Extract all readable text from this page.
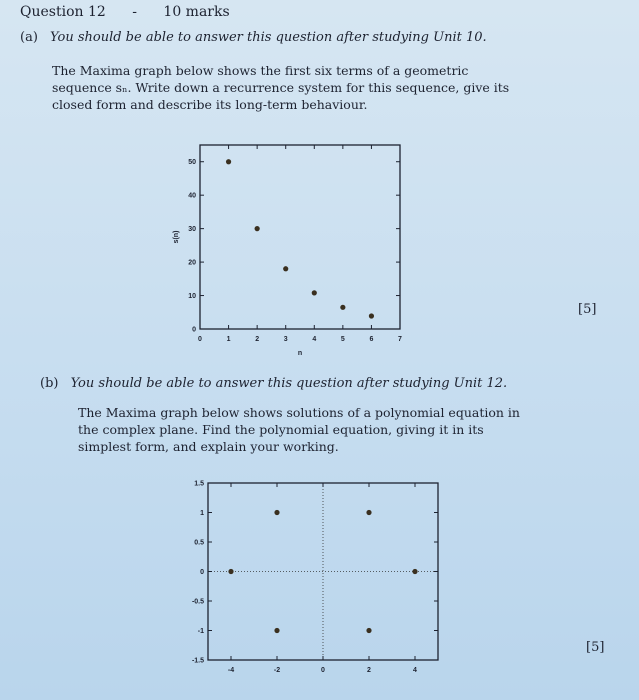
Question 12 - 10 marks
(a) You should be able to answer this question after studying Unit 10.
The Maxima graph below shows the first six terms of a geometric
sequence sₙ. Write down a recurrence system for this sequence, give its
closed form and describe its long-term behaviour.
0	1	2	3	4	5	6	7
0
10
20
30
40
50
n
s(n)
[5]
(b) You should be able to answer this question after studying Unit 12.
The Maxima graph below shows solutions of a polynomial equation in
the complex plane. Find the polynomial equation, giving it in its
simplest form, and explain your working.
-4	-2	0	2	4
-1.5
-1
-0.5
0
0.5
1
1.5
[5]
